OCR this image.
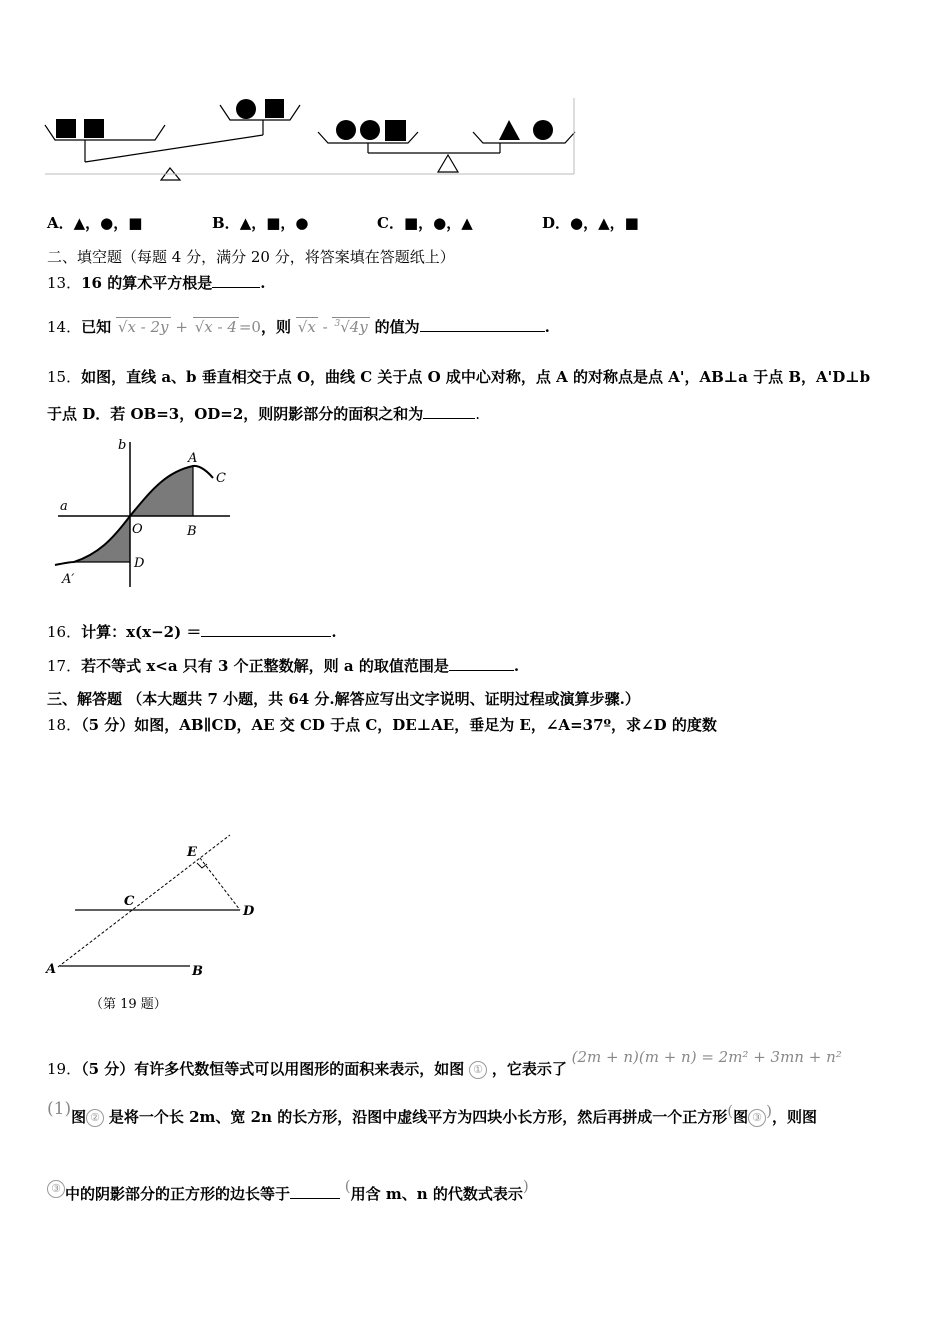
A．▲，●，■	B．▲，■，●	C．■，●，▲	D．●，▲，■
二、填空题（每题 4 分，满分 20 分，将答案填在答题纸上）
13．16 的算术平方根是	.
14．已知 √x - 2y + √x - 4 =0，则 √x - $^3$√4y 的值为	.
15．如图，直线 a、b 垂直相交于点 O，曲线 C 关于点 O 成中心对称，点 A 的对称点是点 A'，AB⊥a 于点 B，A'D⊥b
于点 D．若 OB=3，OD=2，则阴影部分的面积之和为	.
b
a
A
C
O	B
D
A′
16．计算：x(x−2) ＝	.
17．若不等式 x<a 只有 3 个正整数解，则 a 的取值范围是	.
三、解答题 （本大题共 7 小题，共 64 分.解答应写出文字说明、证明过程或演算步骤.）
18．（5 分）如图，AB∥CD，AE 交 CD 于点 C，DE⊥AE，垂足为 E，∠A=37º，求∠D 的度数
E
C
D
A	B
（第 19 题）
19．（5 分）有许多代数恒等式可以用图形的面积来表示，如图 ① ，它表示了 (2m + n)(m + n) = 2m² + 3mn + n²
(1)图 ② 是将一个长 2m、宽 2n 的长方形，沿图中虚线平方为四块小长方形，然后再拼成一个正方形(图 ③ )，则图
③ 中的阴影部分的正方形的边长等于	(用含 m、n 的代数式表示)
